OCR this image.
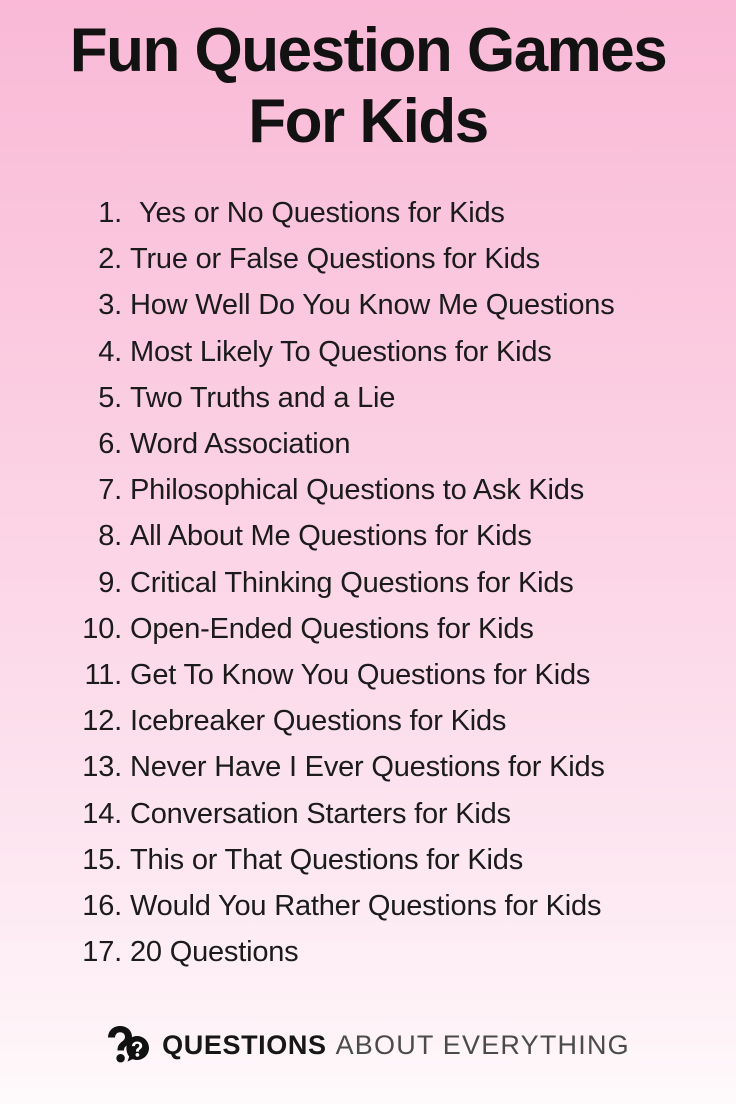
Fun Question Games
For Kids
1. Yes or No Questions for Kids
2. True or False Questions for Kids
3. How Well Do You Know Me Questions
4. Most Likely To Questions for Kids
5. Two Truths and a Lie
6. Word Association
7. Philosophical Questions to Ask Kids
8. All About Me Questions for Kids
9. Critical Thinking Questions for Kids
10. Open-Ended Questions for Kids
11. Get To Know You Questions for Kids
12. Icebreaker Questions for Kids
13. Never Have I Ever Questions for Kids
14. Conversation Starters for Kids
15. This or That Questions for Kids
16. Would You Rather Questions for Kids
17. 20 Questions
QUESTIONS ABOUT EVERYTHING
